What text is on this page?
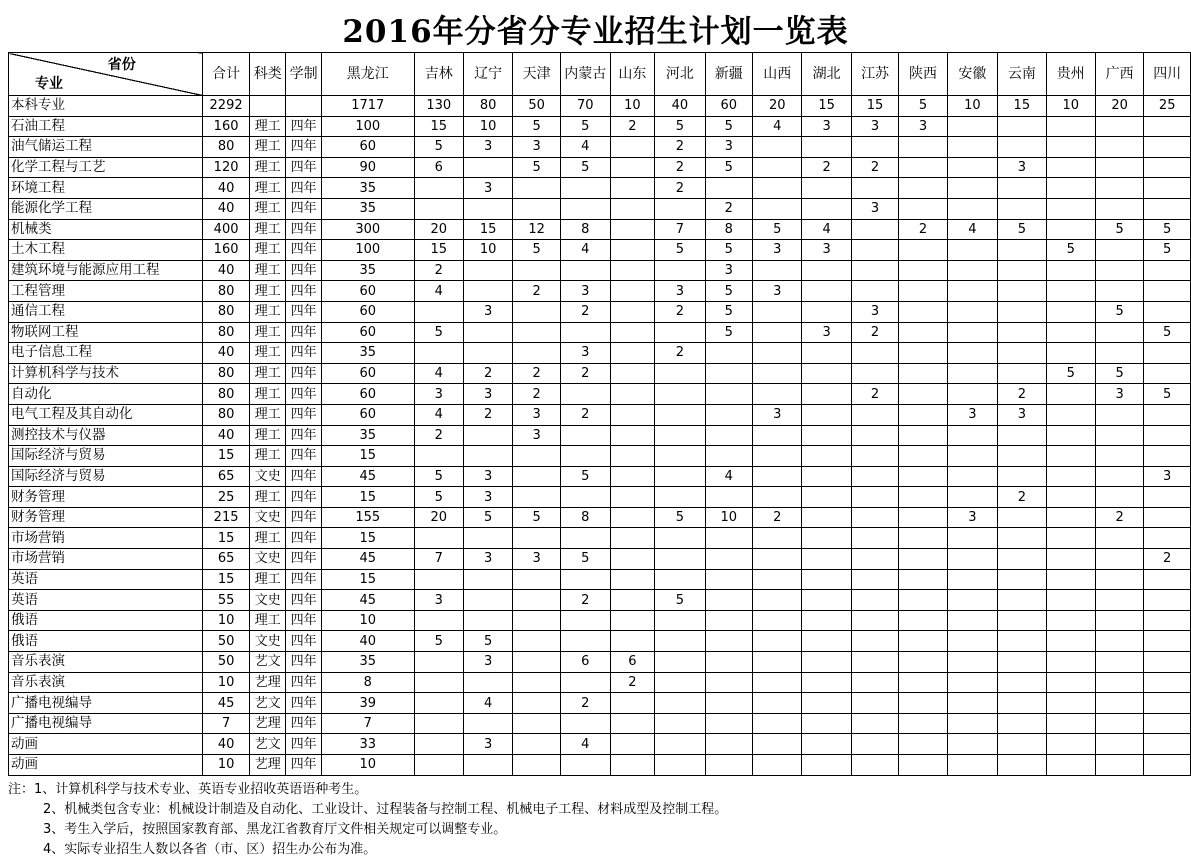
2016年分省分专业招生计划一览表
省份
专业	合计	科类	学制	黑龙江	吉林	辽宁	天津	内蒙古	山东	河北	新疆	山西	湖北	江苏	陕西	安徽	云南	贵州	广西	四川
本科专业	2292			1717	130	80	50	70	10	40	60	20	15	15	5	10	15	10	20	25
石油工程	160	理工	四年	100	15	10	5	5	2	5	5	4	3	3	3					
油气储运工程	80	理工	四年	60	5	3	3	4		2	3									
化学工程与工艺	120	理工	四年	90	6		5	5		2	5		2	2			3			
环境工程	40	理工	四年	35		3				2										
能源化学工程	40	理工	四年	35							2			3						
机械类	400	理工	四年	300	20	15	12	8		7	8	5	4		2	4	5		5	5
土木工程	160	理工	四年	100	15	10	5	4		5	5	3	3					5		5
建筑环境与能源应用工程	40	理工	四年	35	2						3									
工程管理	80	理工	四年	60	4		2	3		3	5	3								
通信工程	80	理工	四年	60		3		2		2	5			3					5	
物联网工程	80	理工	四年	60	5						5		3	2						5
电子信息工程	40	理工	四年	35				3		2										
计算机科学与技术	80	理工	四年	60	4	2	2	2										5	5	
自动化	80	理工	四年	60	3	3	2							2			2		3	5
电气工程及其自动化	80	理工	四年	60	4	2	3	2				3				3	3			
测控技术与仪器	40	理工	四年	35	2		3													
国际经济与贸易	15	理工	四年	15																
国际经济与贸易	65	文史	四年	45	5	3		5			4									3
财务管理	25	理工	四年	15	5	3											2			
财务管理	215	文史	四年	155	20	5	5	8		5	10	2				3			2	
市场营销	15	理工	四年	15																
市场营销	65	文史	四年	45	7	3	3	5												2
英语	15	理工	四年	15																
英语	55	文史	四年	45	3			2		5										
俄语	10	理工	四年	10																
俄语	50	文史	四年	40	5	5														
音乐表演	50	艺文	四年	35		3		6	6											
音乐表演	10	艺理	四年	8					2											
广播电视编导	45	艺文	四年	39		4		2												
广播电视编导	7	艺理	四年	7																
动画	40	艺文	四年	33		3		4												
动画	10	艺理	四年	10																
注：1、计算机科学与技术专业、英语专业招收英语语种考生。
2、机械类包含专业：机械设计制造及自动化、工业设计、过程装备与控制工程、机械电子工程、材料成型及控制工程。
3、考生入学后，按照国家教育部、黑龙江省教育厅文件相关规定可以调整专业。
4、实际专业招生人数以各省（市、区）招生办公布为准。
